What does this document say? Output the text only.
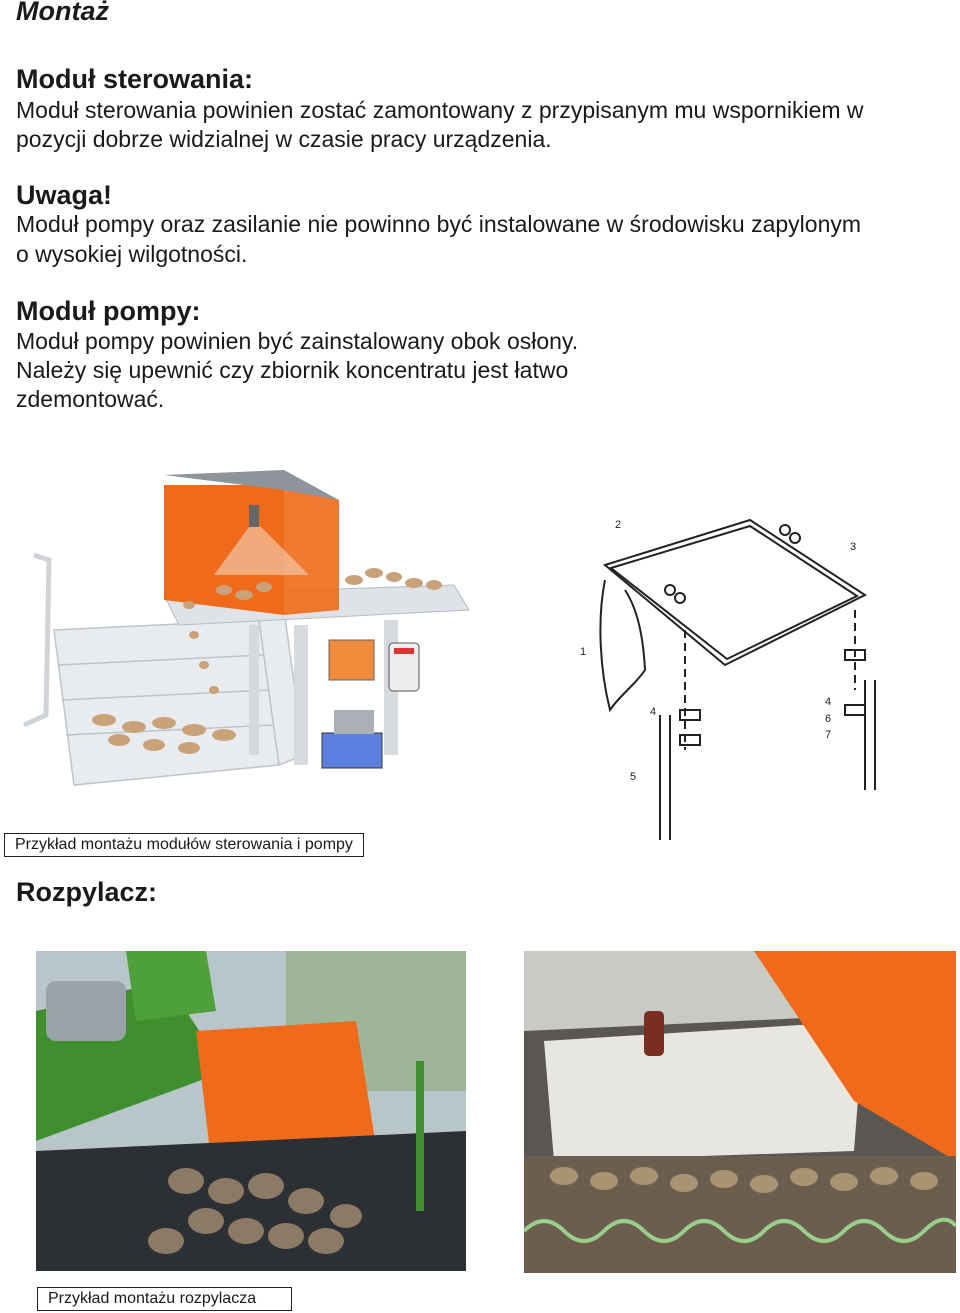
Montaż
Moduł sterowania:

Moduł sterowania powinien zostać zamontowany z przypisanym mu wspornikiem w

pozycji dobrze widzialnej w czasie pracy urządzenia.

Uwaga!

Moduł pompy oraz zasilanie nie powinno być instalowane w środowisku zapylonym

o wysokiej wilgotności.

Moduł pompy:

Moduł pompy powinien być zainstalowany obok osłony.

Należy się upewnić czy zbiornik koncentratu jest łatwo

zdemontować.

1
2
3
4
4
5
6
7
Przykład montażu modułów sterowania i pompy
Rozpylacz:
Przykład montażu rozpylacza
